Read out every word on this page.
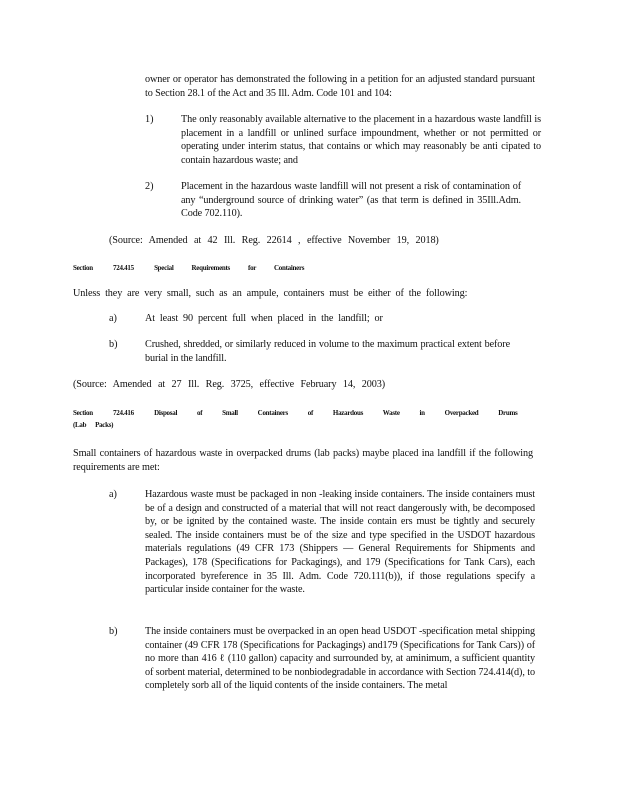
owner or operator has demonstrated the following in a petition for an adjusted standard pursuant to Section 28.1 of the Act and 35 Ill. Adm. Code 101 and 104:
1)	The only reasonably available alternative to the placement in a hazardous waste landfill is placement in a landfill or unlined surface impoundment, whether or not permitted or operating under interim status, that contains or which may reasonably be anti cipated to contain hazardous waste; and
2)	Placement in the hazardous waste landfill will not present a risk of contamination of any “underground source of drinking water” (as that term is defined in 35Ill.Adm. Code 702.110).
(Source: Amended at 42 Ill. Reg. 22614 , effective November 19, 2018)
Section	724.415	Special Requirements for Containers
Unless they are very small, such as an ampule, containers must be either of the following:
a)	At least 90 percent full when placed in the landfill; or
b)	Crushed, shredded, or similarly reduced in volume to the maximum practical extent before burial in the landfill.
(Source: Amended at 27 Ill. Reg. 3725, effective February 14, 2003)
Section	724.416	Disposal of Small Containers of Hazardous Waste in Overpacked Drums
(Lab Packs)
Small containers of hazardous waste in overpacked drums (lab packs) maybe placed ina landfill if the following requirements are met:
a)	Hazardous waste must be packaged in non -leaking inside containers. The inside containers must be of a design and constructed of a material that will not react dangerously with, be decomposed by, or be ignited by the contained waste. The inside contain ers must be tightly and securely sealed. The inside containers must be of the size and type specified in the USDOT hazardous materials regulations (49 CFR 173 (Shippers — General Requirements for Shipments and Packages), 178 (Specifications for Packagings), and 179 (Specifications for Tank Cars), each incorporated byreference in 35 Ill. Adm. Code 720.111(b)), if those regulations specify a particular inside container for the waste.
b)	The inside containers must be overpacked in an open head USDOT -specification metal shipping container (49 CFR 178 (Specifications for Packagings) and179 (Specifications for Tank Cars)) of no more than 416 ℓ (110 gallon) capacity and surrounded by, at aminimum, a sufficient quantity of sorbent material, determined to be nonbiodegradable in accordance with Section 724.414(d), to completely sorb all of the liquid contents of the inside containers. The metal
